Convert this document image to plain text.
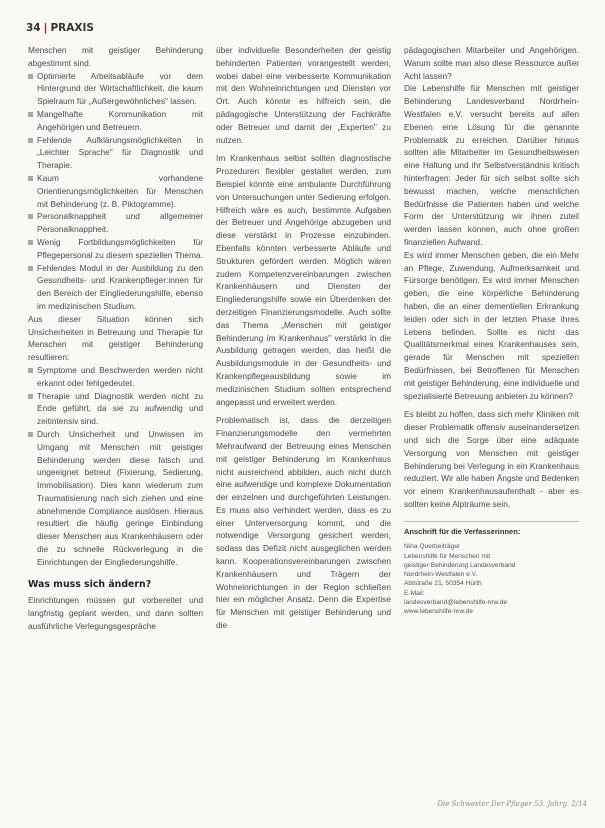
34 | PRAXIS

Menschen mit geistiger Behinderung abgestimmt sind.

Optimierte Arbeitsabläufe vor dem Hintergrund der Wirtschaftlichkeit, die kaum Spielraum für „Außergewöhnliches" lassen.

Mangelhafte Kommunikation mit Angehörigen und Betreuern.

Fehlende Aufklärungsmöglichkeiten in „Leichter Sprache" für Diagnostik und Therapie.

Kaum vorhandene Orientierungsmöglichkeiten für Menschen mit Behinderung (z. B. Piktogramme).

Personalknappheit und allgemeiner Personalknappheit.

Wenig Fortbildungsmöglichkeiten für Pflegepersonal zu diesem speziellen Thema.

Fehlendes Modul in der Ausbildung zu den Gesundheits- und Krankenpfleger:innen für den Bereich der Eingliederungshilfe, ebenso im medizinischen Studium.

Aus dieser Situation können sich Unsicherheiten in Betreuung und Therapie für Menschen mit geistiger Behinderung resultieren:

Symptome und Beschwerden werden nicht erkannt oder fehlgedeutet.

Therapie und Diagnostik werden nicht zu Ende geführt, da sie zu aufwendig und zeitintensiv sind.

Durch Unsicherheit und Unwissen im Umgang mit Menschen mit geistiger Behinderung werden diese falsch und ungeeignet betreut (Fixierung, Sedierung, Immobilisation). Dies kann wiederum zum Traumatisierung nach sich ziehen und eine abnehmende Compliance auslösen. Hieraus resultiert die häufig geringe Einbindung dieser Menschen aus Krankenhäusern oder die zu schnelle Rückverlegung in die Einrichtungen der Eingliederungshilfe.

Was muss sich ändern?

Einrichtungen müssen gut vorbereitet und langfristig geplant werden, und dann sollten ausführliche Verlegungsgespräche

über individuelle Besonderheiten der geistig behinderten Patienten vorangestellt werden, wobei dabei eine verbesserte Kommunikation mit den Wohneinrichtungen und Diensten vor Ort. Auch könnte es hilfreich sein, die pädagogische Unterstützung der Fachkräfte oder Betreuer und damit der „Experten" zu nutzen.

Im Krankenhaus selbst sollten diagnostische Prozeduren flexibler gestaltet werden, zum Beispiel könnte eine ambulante Durchführung von Untersuchungen unter Sedierung erfolgen. Hilfreich wäre es auch, bestimmte Aufgaben der Betreuer und Angehörige abzugeben und diese verstärkt in Prozesse einzubinden. Ebenfalls könnten verbesserte Abläufe und Strukturen gefördert werden. Möglich wären zudem Kompetenzvereinbarungen zwischen Krankenhäusern und Diensten der Eingliederungshilfe sowie ein Überdenken der derzeitigen Finanzierungsmodelle. Auch sollte das Thema „Menschen mit geistiger Behinderung im Krankenhaus" verstärkt in die Ausbildung getragen werden, das heißt die Ausbildungsmodule in der Gesundheits- und Krankenpflegeausbildung sowie im medizinischen Studium sollten entsprechend angepasst und erweitert werden.

Problematisch ist, dass die derzeitigen Finanzierungsmodelle den vermehrten Mehraufwand der Betreuung eines Menschen mit geistiger Behinderung im Krankenhaus nicht ausreichend abbilden, auch nicht durch eine aufwendige und komplexe Dokumentation der einzelnen und durchgeführten Leistungen. Es muss also verhindert werden, dass es zu einer Unterversorgung kommt, und die notwendige Versorgung gesichert werden, sodass das Defizit nicht ausgeglichen werden kann. Kooperationsvereinbarungen zwischen Krankenhäusern und Trägern der Wohneinrichtungen in der Region schließen hier ein möglicher Ansatz. Denn die Expertise für Menschen mit geistiger Behinderung und die

pädagogischen Mitarbeiter und Angehörigen. Warum sollte man also diese Ressource außer Acht lassen?

Die Lebenshilfe für Menschen mit geistiger Behinderung Landesverband Nordrhein-Westfalen e.V. versucht bereits auf allen Ebenen eine Lösung für die genannte Problematik zu erreichen. Darüber hinaus sollten alle Mitarbeiter im Gesundheitswesen eine Haltung und ihr Selbstverständnis kritisch hinterfragen: Jeder für sich selbst sollte sich bewusst machen, welche menschlichen Bedürfnisse die Patienten haben und welche Form der Unterstützung wir ihnen zuteil werden lassen können, auch ohne großen finanziellen Aufwand.

Es wird immer Menschen geben, die ein Mehr an Pflege, Zuwendung, Aufmerksamkeit und Fürsorge benötigen. Es wird immer Menschen geben, die eine körperliche Behinderung haben, die an einer dementiellen Erkrankung leiden oder sich in der letzten Phase ihres Lebens befinden. Sollte es nicht das Qualitätsmerkmal eines Krankenhauses sein, gerade für Menschen mit speziellen Bedürfnissen, bei Betroffenen für Menschen mit geistiger Behinderung, eine individuelle und spezialisierte Betreuung anbieten zu können?

Es bleibt zu hoffen, dass sich mehr Kliniken mit dieser Problematik offensiv auseinandersetzen und sich die Sorge über eine adäquate Versorgung von Menschen mit geistiger Behinderung bei Verlegung in ein Krankenhaus reduziert. Wir alle haben Ängste und Bedenken vor einem Krankenhausaufenthalt - aber es sollten keine Alpträume sein.

Anschrift für die Verfasserinnen:
Nina Querbeiträger
Lebenshilfe für Menschen mit
geistiger Behinderung Landesverband
Nordrhein-Westfalen e.V.
Abtstraße 21, 50354 Hürth
E-Mail:
landesverband@lebenshilfe-nrw.de
www.lebenshilfe-nrw.de
Die Schwester Der Pfleger 53. Jahrg. 2/14
